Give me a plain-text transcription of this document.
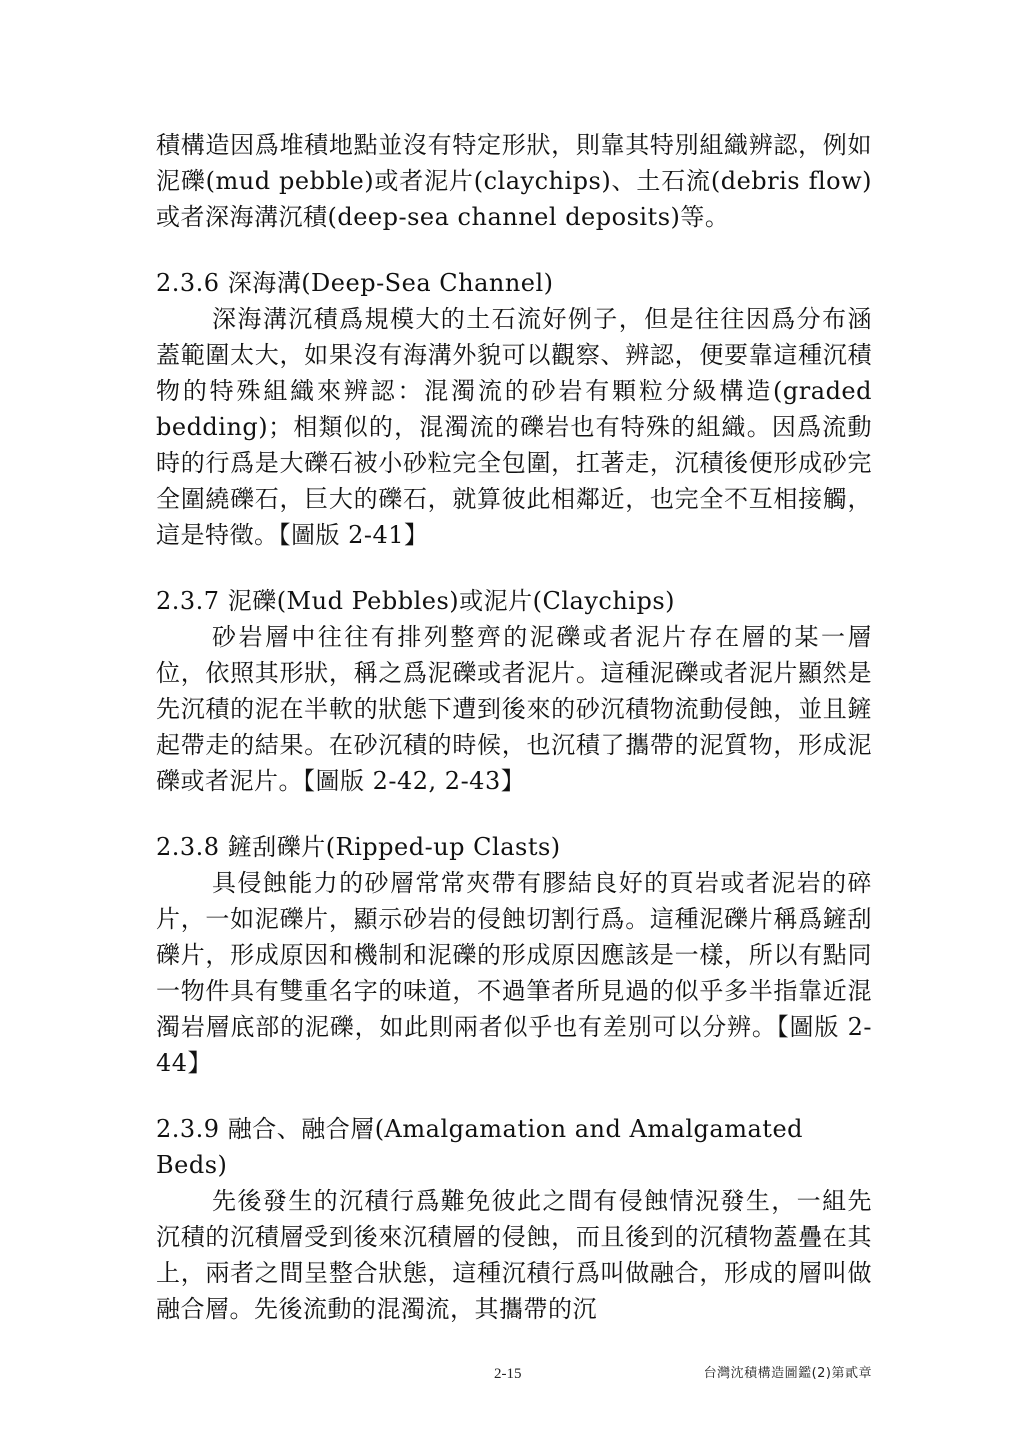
積構造因爲堆積地點並沒有特定形狀，則靠其特別組織辨認，例如泥礫(mud pebble)或者泥片(claychips)、土石流(debris flow)或者深海溝沉積(deep-sea channel deposits)等。

2.3.6 深海溝(Deep-Sea Channel)

深海溝沉積爲規模大的土石流好例子，但是往往因爲分布涵蓋範圍太大，如果沒有海溝外貌可以觀察、辨認，便要靠這種沉積物的特殊組織來辨認：混濁流的砂岩有顆粒分級構造(graded bedding)；相類似的，混濁流的礫岩也有特殊的組織。因爲流動時的行爲是大礫石被小砂粒完全包圍，扛著走，沉積後便形成砂完全圍繞礫石，巨大的礫石，就算彼此相鄰近，也完全不互相接觸，這是特徵。【圖版 2-41】

2.3.7 泥礫(Mud Pebbles)或泥片(Claychips)

砂岩層中往往有排列整齊的泥礫或者泥片存在層的某一層位，依照其形狀，稱之爲泥礫或者泥片。這種泥礫或者泥片顯然是先沉積的泥在半軟的狀態下遭到後來的砂沉積物流動侵蝕，並且鏟起帶走的結果。在砂沉積的時候，也沉積了攜帶的泥質物，形成泥礫或者泥片。【圖版 2-42, 2-43】

2.3.8 鏟刮礫片(Ripped-up Clasts)

具侵蝕能力的砂層常常夾帶有膠結良好的頁岩或者泥岩的碎片，一如泥礫片，顯示砂岩的侵蝕切割行爲。這種泥礫片稱爲鏟刮礫片，形成原因和機制和泥礫的形成原因應該是一樣，所以有點同一物件具有雙重名字的味道，不過筆者所見過的似乎多半指靠近混濁岩層底部的泥礫，如此則兩者似乎也有差別可以分辨。【圖版 2-44】

2.3.9 融合、融合層(Amalgamation and Amalgamated Beds)

先後發生的沉積行爲難免彼此之間有侵蝕情況發生，一組先沉積的沉積層受到後來沉積層的侵蝕，而且後到的沉積物蓋疊在其上，兩者之間呈整合狀態，這種沉積行爲叫做融合，形成的層叫做融合層。先後流動的混濁流，其攜帶的沉

2-15	台灣沈積構造圖鑑(2)第貳章
